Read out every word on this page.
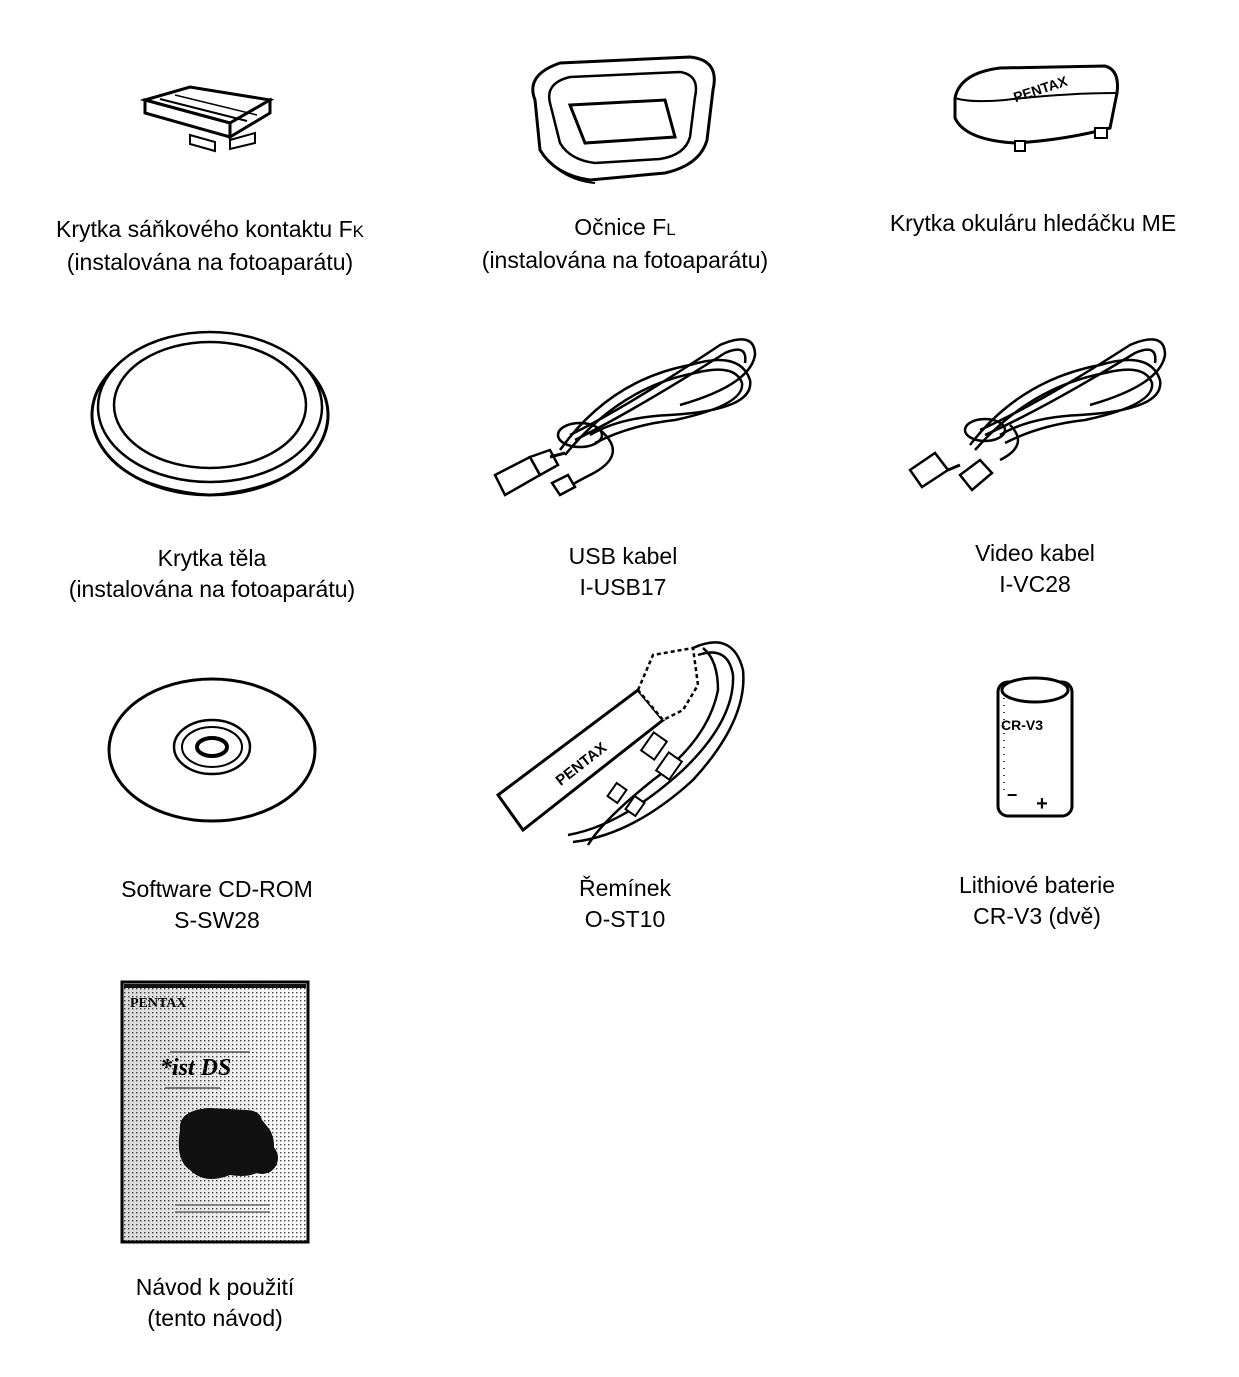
Krytka sáňkového kontaktu FK
(instalována na fotoaparátu)
Očnice FL
(instalována na fotoaparátu)
PENTAX
Krytka okuláru hledáčku ME
Krytka těla
(instalována na fotoaparátu)
USB kabel
I-USB17
Video kabel
I-VC28
Software CD-ROM
S-SW28
PENTAX
Řemínek
O-ST10
CR-V3
− +
Lithiové baterie
CR-V3 (dvě)
PENTAX
*ist DS
Návod k použití
(tento návod)
